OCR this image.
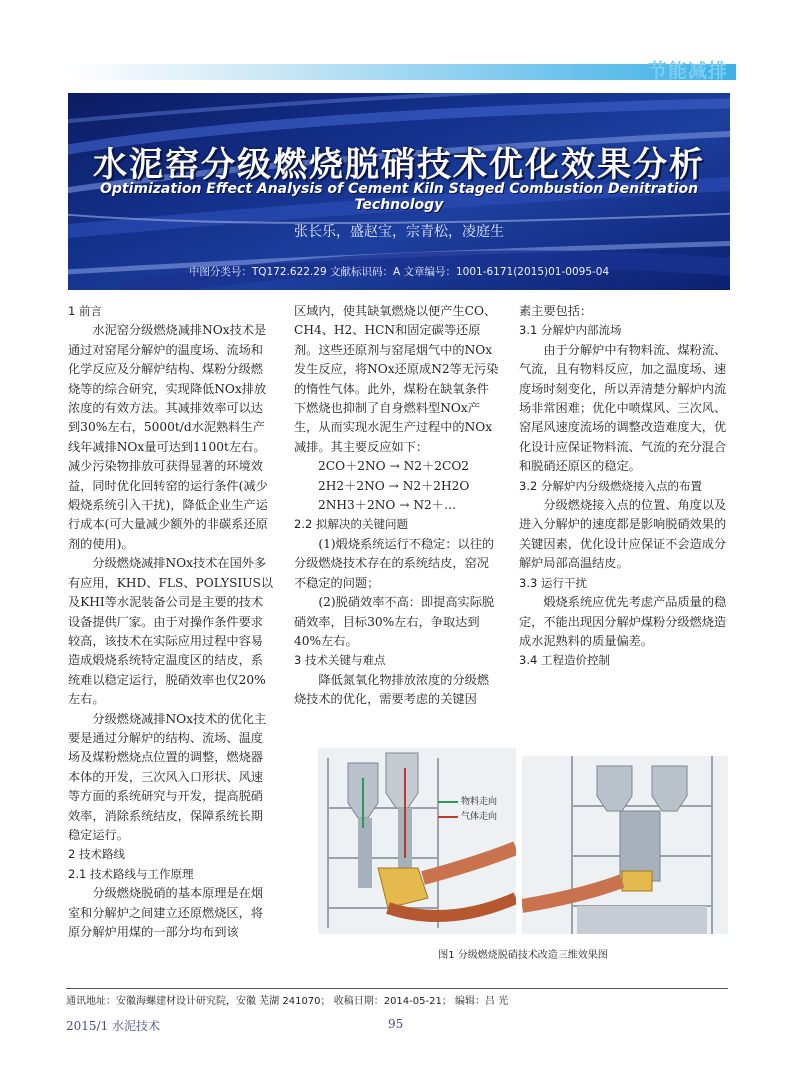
节能减排
水泥窑分级燃烧脱硝技术优化效果分析
Optimization Effect Analysis of Cement Kiln Staged Combustion Denitration Technology
张长乐，盛赵宝，宗青松，凌庭生
中图分类号：TQ172.622.29 文献标识码：A 文章编号：1001-6171(2015)01-0095-04

1 前言

水泥窑分级燃烧减排NOx技术是通过对窑尾分解炉的温度场、流场和化学反应及分解炉结构、煤粉分级燃烧等的综合研究，实现降低NOx排放浓度的有效方法。其减排效率可以达到30%左右，5000t/d水泥熟料生产线年减排NOx量可达到1100t左右。减少污染物排放可获得显著的环境效益，同时优化回转窑的运行条件(减少煅烧系统引入干扰)，降低企业生产运行成本(可大量减少额外的非碳系还原剂的使用)。

分级燃烧减排NOx技术在国外多有应用，KHD、FLS、POLYSIUS以及KHI等水泥装备公司是主要的技术设备提供厂家。由于对操作条件要求较高，该技术在实际应用过程中容易造成煅烧系统特定温度区的结皮，系统难以稳定运行，脱硝效率也仅20%左右。

分级燃烧减排NOx技术的优化主要是通过分解炉的结构、流场、温度场及煤粉燃烧点位置的调整，燃烧器本体的开发，三次风入口形状、风速等方面的系统研究与开发，提高脱硝效率，消除系统结皮，保障系统长期稳定运行。

2 技术路线

2.1 技术路线与工作原理

分级燃烧脱硝的基本原理是在烟室和分解炉之间建立还原燃烧区，将原分解炉用煤的一部分均布到该

区域内，使其缺氧燃烧以便产生CO、CH4、H2、HCN和固定碳等还原剂。这些还原剂与窑尾烟气中的NOx发生反应，将NOx还原成N2等无污染的惰性气体。此外，煤粉在缺氧条件下燃烧也抑制了自身燃料型NOx产生，从而实现水泥生产过程中的NOx减排。其主要反应如下：

2CO＋2NO → N2＋2CO2

2H2＋2NO → N2＋2H2O

2NH3＋2NO → N2＋…

2.2 拟解决的关键问题

(1)煅烧系统运行不稳定：以往的分级燃烧技术存在的系统结皮，窑况不稳定的问题；

(2)脱硝效率不高：即提高实际脱硝效率，目标30%左右，争取达到40%左右。

3 技术关键与难点

降低氮氧化物排放浓度的分级燃烧技术的优化，需要考虑的关键因

素主要包括：

3.1 分解炉内部流场

由于分解炉中有物料流、煤粉流、气流，且有物料反应，加之温度场、速度场时刻变化，所以弄清楚分解炉内流场非常困难；优化中喷煤风、三次风、窑尾风速度流场的调整改造难度大，优化设计应保证物料流、气流的充分混合和脱硝还原区的稳定。

3.2 分解炉内分级燃烧接入点的布置

分级燃烧接入点的位置、角度以及进入分解炉的速度都是影响脱硝效果的关键因素，优化设计应保证不会造成分解炉局部高温结皮。

3.3 运行干扰

煅烧系统应优先考虑产品质量的稳定，不能出现因分解炉煤粉分级燃烧造成水泥熟料的质量偏差。

3.4 工程造价控制

物料走向
气体走向
图1 分级燃烧脱硝技术改造三维效果图
通讯地址：安徽海螺建材设计研究院，安徽 芜湖 241070； 收稿日期：2014-05-21； 编辑：吕 光
2015/1 水泥技术	95
